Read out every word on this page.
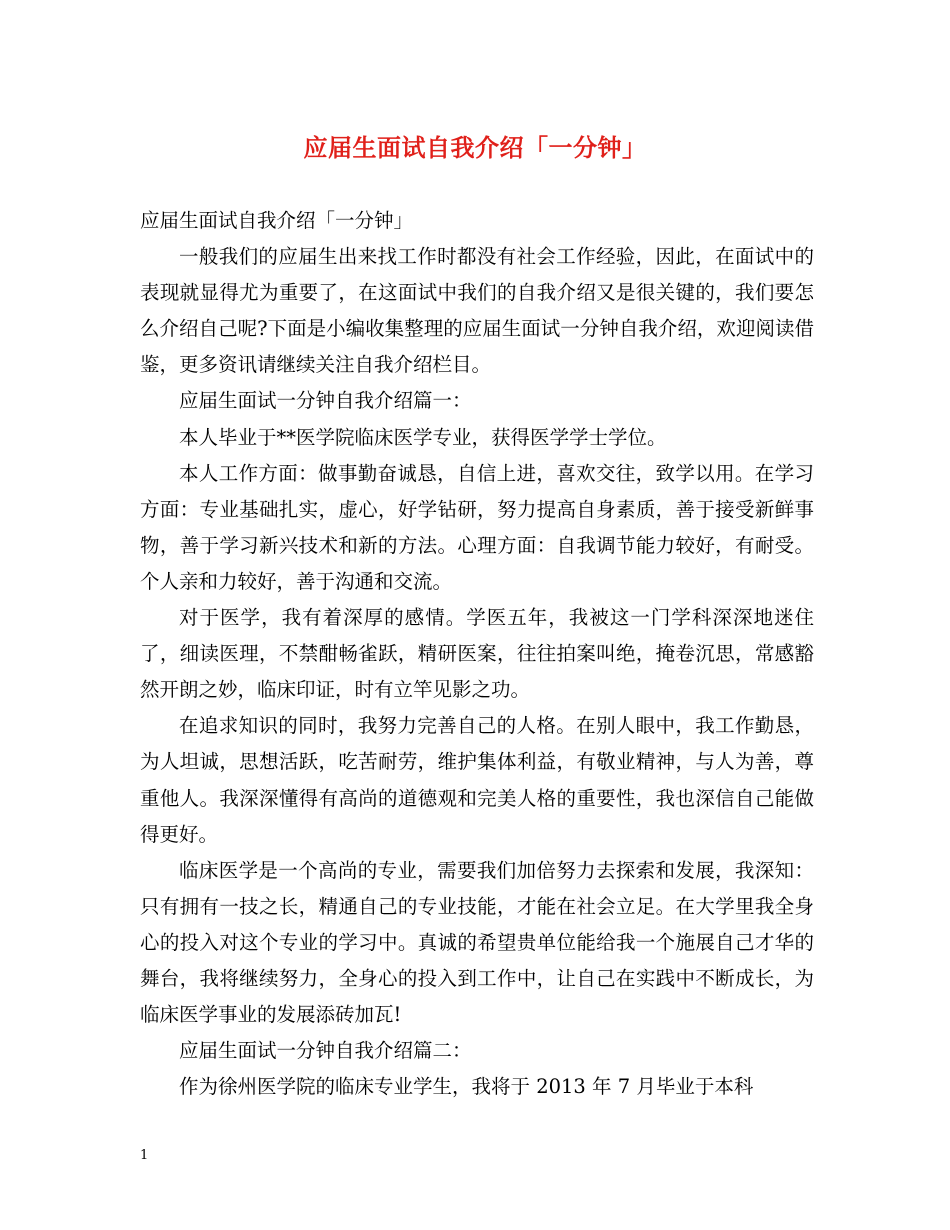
应届生面试自我介绍「一分钟」

应届生面试自我介绍「一分钟」

一般我们的应届生出来找工作时都没有社会工作经验，因此，在面试中的表现就显得尤为重要了，在这面试中我们的自我介绍又是很关键的，我们要怎么介绍自己呢?下面是小编收集整理的应届生面试一分钟自我介绍，欢迎阅读借鉴，更多资讯请继续关注自我介绍栏目。

应届生面试一分钟自我介绍篇一：

本人毕业于**医学院临床医学专业，获得医学学士学位。

本人工作方面：做事勤奋诚恳，自信上进，喜欢交往，致学以用。在学习方面：专业基础扎实，虚心，好学钻研，努力提高自身素质，善于接受新鲜事物，善于学习新兴技术和新的方法。心理方面：自我调节能力较好，有耐受。个人亲和力较好，善于沟通和交流。

对于医学，我有着深厚的感情。学医五年，我被这一门学科深深地迷住了，细读医理，不禁酣畅雀跃，精研医案，往往拍案叫绝，掩卷沉思，常感豁然开朗之妙，临床印证，时有立竿见影之功。

在追求知识的同时，我努力完善自己的人格。在别人眼中，我工作勤恳，为人坦诚，思想活跃，吃苦耐劳，维护集体利益，有敬业精神，与人为善，尊重他人。我深深懂得有高尚的道德观和完美人格的重要性，我也深信自己能做得更好。

临床医学是一个高尚的专业，需要我们加倍努力去探索和发展，我深知：只有拥有一技之长，精通自己的专业技能，才能在社会立足。在大学里我全身心的投入对这个专业的学习中。真诚的希望贵单位能给我一个施展自己才华的舞台，我将继续努力，全身心的投入到工作中，让自己在实践中不断成长，为临床医学事业的发展添砖加瓦!

应届生面试一分钟自我介绍篇二：

作为徐州医学院的临床专业学生，我将于 2013 年 7 月毕业于本科

1
